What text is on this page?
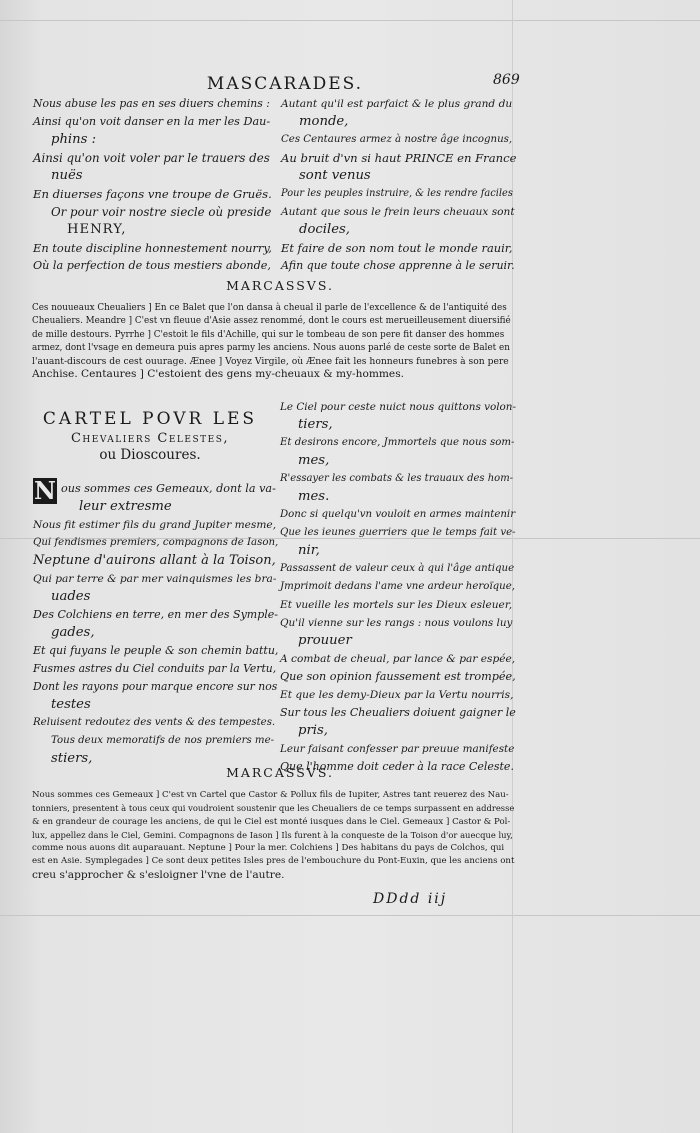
MASCARADES.	869
Nous abuse les pas en ses diuers chemins :
Ainsi qu'on voit danser en la mer les Dau-
phins :
Ainsi qu'on voit voler par le trauers des
nuës
En diuerses façons vne troupe de Gruës.
Or pour voir nostre siecle où preside
HENRY,
En toute discipline honnestement nourry,
Où la perfection de tous mestiers abonde,
Autant qu'il est parfaict & le plus grand du
monde,
Ces Centaures armez à nostre âge incognus,
Au bruit d'vn si haut PRINCE en France
sont venus
Pour les peuples instruire, & les rendre faciles
Autant que sous le frein leurs cheuaux sont
dociles,
Et faire de son nom tout le monde rauir,
Afin que toute chose apprenne à le seruir.
MARCASSVS.
Ces nouueaux Cheualiers ] En ce Balet que l'on dansa à cheual il parle de l'excellence & de l'antiquité des
Cheualiers. Meandre ] C'est vn fleuue d'Asie assez renommé, dont le cours est merueilleusement diuersifié
de mille destours. Pyrrhe ] C'estoit le fils d'Achille, qui sur le tombeau de son pere fit danser des hommes
armez, dont l'vsage en demeura puis apres parmy les anciens. Nous auons parlé de ceste sorte de Balet en
l'auant-discours de cest ouurage. Ænee ] Voyez Virgile, où Ænee fait les honneurs funebres à son pere
Anchise. Centaures ] C'estoient des gens my-cheuaux & my-hommes.
CARTEL POVR LES
Chevaliers Celestes,
ou Dioscoures.
N ous sommes ces Gemeaux, dont la va-
leur extresme
Nous fit estimer fils du grand Jupiter mesme,
Qui fendismes premiers, compagnons de Iason,
Neptune d'auirons allant à la Toison,
Qui par terre & par mer vainquismes les bra-
uades
Des Colchiens en terre, en mer des Symple-
gades,
Et qui fuyans le peuple & son chemin battu,
Fusmes astres du Ciel conduits par la Vertu,
Dont les rayons pour marque encore sur nos
testes
Reluisent redoutez des vents & des tempestes.
Tous deux memoratifs de nos premiers me-
stiers,
Le Ciel pour ceste nuict nous quittons volon-
tiers,
Et desirons encore, Jmmortels que nous som-
mes,
R'essayer les combats & les trauaux des hom-
mes.
Donc si quelqu'vn vouloit en armes maintenir
Que les ieunes guerriers que le temps fait ve-
nir,
Passassent de valeur ceux à qui l'âge antique
Jmprimoit dedans l'ame vne ardeur heroïque,
Et vueille les mortels sur les Dieux esleuer,
Qu'il vienne sur les rangs : nous voulons luy
prouuer
A combat de cheual, par lance & par espée,
Que son opinion faussement est trompée,
Et que les demy-Dieux par la Vertu nourris,
Sur tous les Cheualiers doiuent gaigner le
pris,
Leur faisant confesser par preuue manifeste
Que l'homme doit ceder à la race Celeste.
MARCASSVS.
Nous sommes ces Gemeaux ] C'est vn Cartel que Castor & Pollux fils de Iupiter, Astres tant reuerez des Nau-
tonniers, presentent à tous ceux qui voudroient soustenir que les Cheualiers de ce temps surpassent en addresse
& en grandeur de courage les anciens, de qui le Ciel est monté iusques dans le Ciel. Gemeaux ] Castor & Pol-
lux, appellez dans le Ciel, Gemini. Compagnons de Iason ] Ils furent à la conqueste de la Toison d'or auecque luy,
comme nous auons dit auparauant. Neptune ] Pour la mer. Colchiens ] Des habitans du pays de Colchos, qui
est en Asie. Symplegades ] Ce sont deux petites Isles pres de l'embouchure du Pont-Euxin, que les anciens ont
creu s'approcher & s'esloigner l'vne de l'autre.
DDdd iij
